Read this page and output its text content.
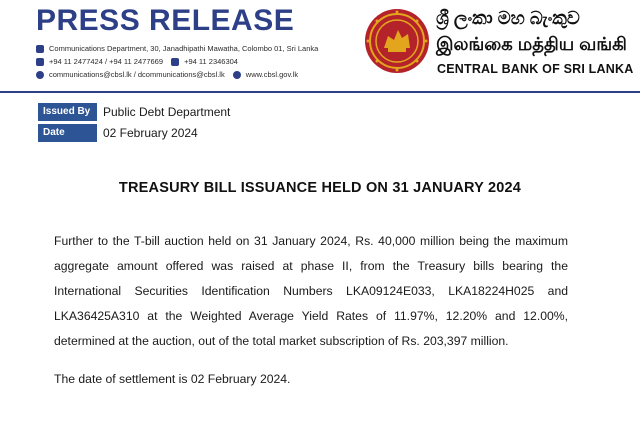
PRESS RELEASE
Communications Department, 30, Janadhipathi Mawatha, Colombo 01, Sri Lanka
+94 11 2477424 / +94 11 2477669	+94 11 2346304
communications@cbsl.lk / dcommunications@cbsl.lk	www.cbsl.gov.lk
ශ්‍රී ලංකා මහ බැංකුව
இலங்கை மத்திய வங்கி
CENTRAL BANK OF SRI LANKA
Issued By	Public Debt Department
Date	02 February 2024
TREASURY BILL ISSUANCE HELD ON 31 JANUARY 2024
Further to the T-bill auction held on 31 January 2024, Rs. 40,000 million being the maximum aggregate amount offered was raised at phase II, from the Treasury bills bearing the International Securities Identification Numbers LKA09124E033, LKA18224H025 and LKA36425A310 at the Weighted Average Yield Rates of 11.97%, 12.20% and 12.00%, determined at the auction, out of the total market subscription of Rs. 203,397 million.
The date of settlement is 02 February 2024.
